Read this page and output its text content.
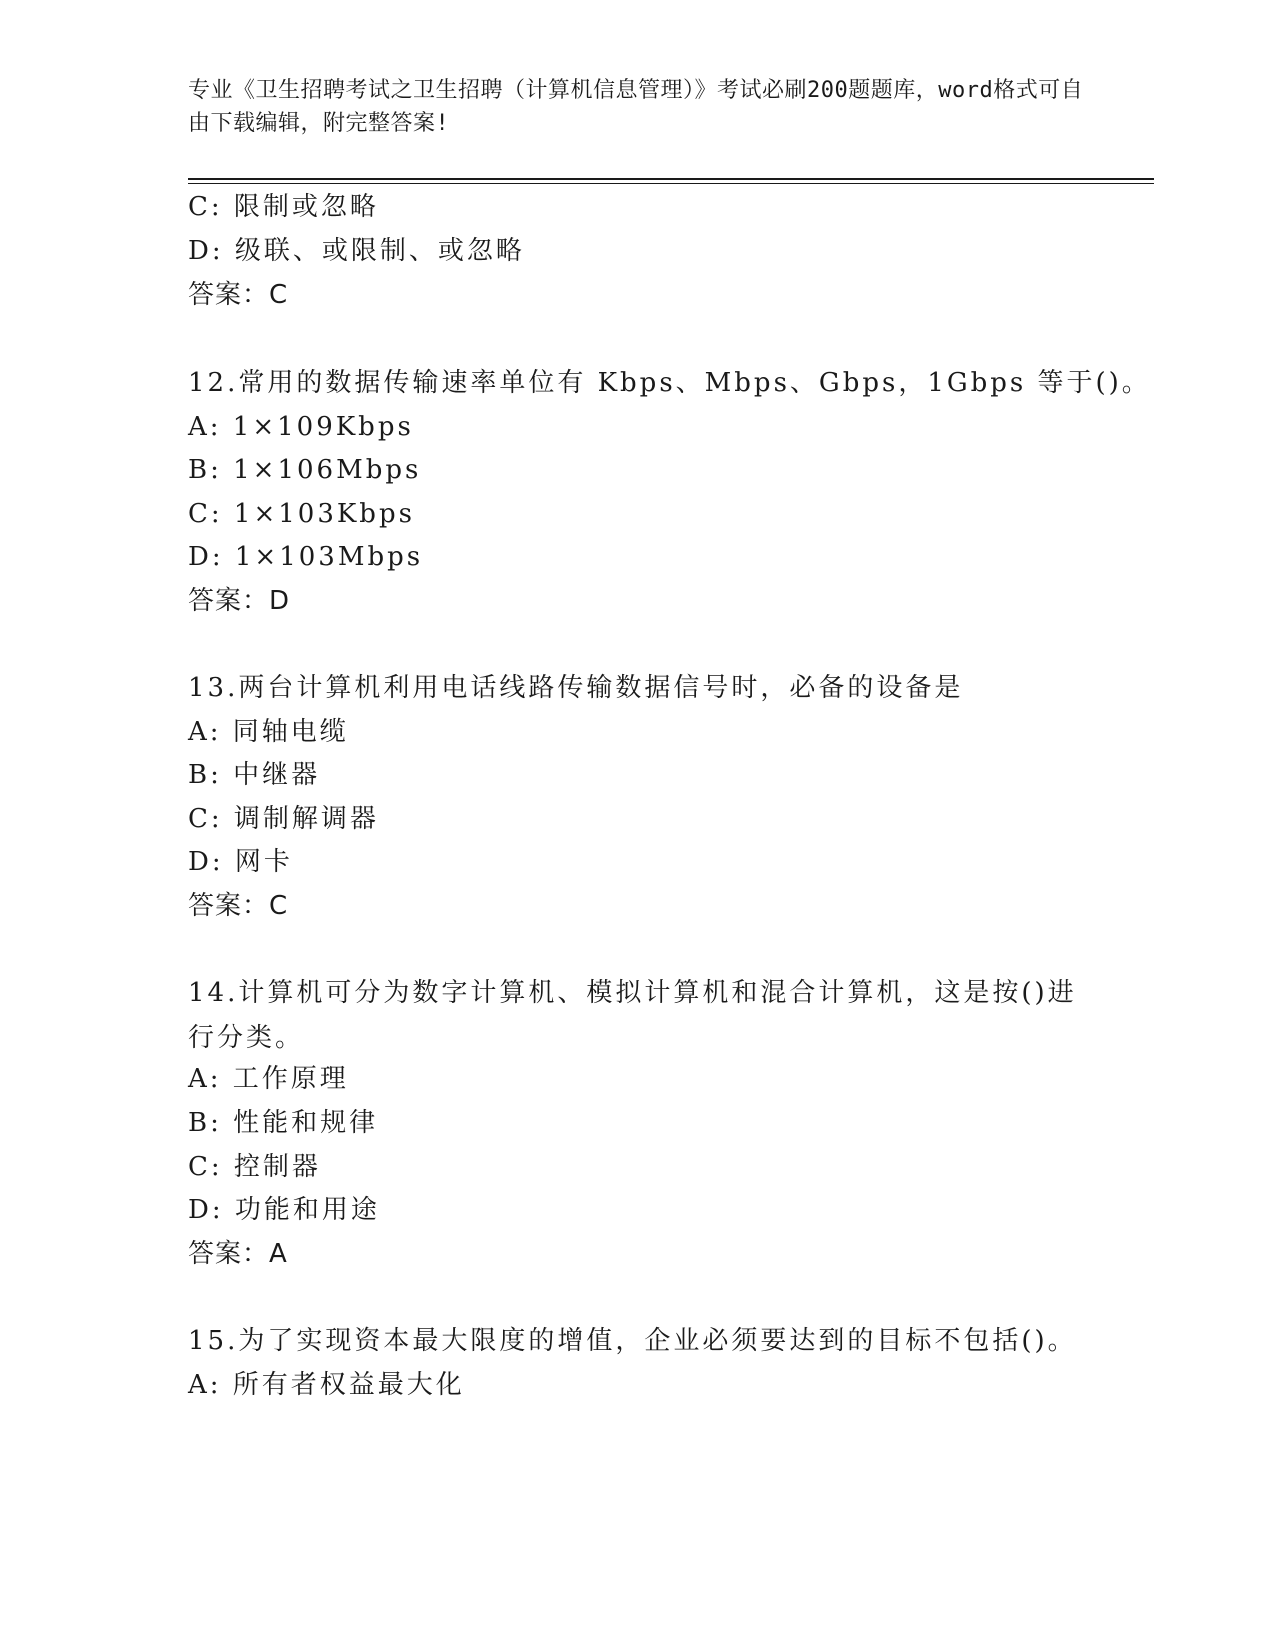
专业《卫生招聘考试之卫生招聘（计算机信息管理）》考试必刷200题题库，word格式可自由下载编辑，附完整答案!
C: 限制或忽略
D: 级联、或限制、或忽略
答案：C
12.常用的数据传输速率单位有 Kbps、Mbps、Gbps，1Gbps 等于()。
A: 1×109Kbps
B: 1×106Mbps
C: 1×103Kbps
D: 1×103Mbps
答案：D
13.两台计算机利用电话线路传输数据信号时，必备的设备是
A: 同轴电缆
B: 中继器
C: 调制解调器
D: 网卡
答案：C
14.计算机可分为数字计算机、模拟计算机和混合计算机，这是按()进行分类。
A: 工作原理
B: 性能和规律
C: 控制器
D: 功能和用途
答案：A
15.为了实现资本最大限度的增值，企业必须要达到的目标不包括()。
A: 所有者权益最大化
